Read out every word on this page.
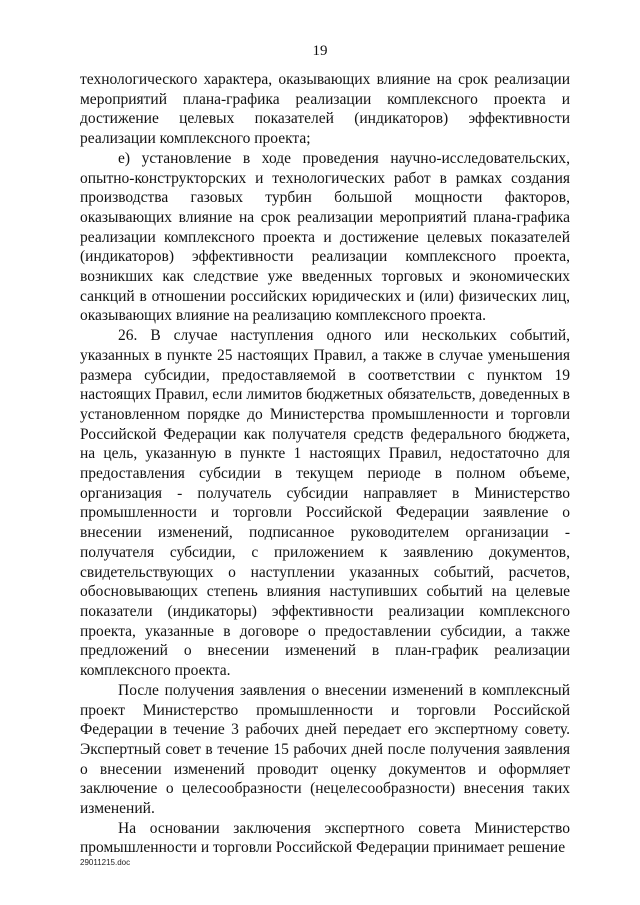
19

технологического характера, оказывающих влияние на срок реализации мероприятий плана-графика реализации комплексного проекта и достижение целевых показателей (индикаторов) эффективности реализации комплексного проекта;

е) установление в ходе проведения научно-исследовательских, опытно-конструкторских и технологических работ в рамках создания производства газовых турбин большой мощности факторов, оказывающих влияние на срок реализации мероприятий плана-графика реализации комплексного проекта и достижение целевых показателей (индикаторов) эффективности реализации комплексного проекта, возникших как следствие уже введенных торговых и экономических санкций в отношении российских юридических и (или) физических лиц, оказывающих влияние на реализацию комплексного проекта.

26. В случае наступления одного или нескольких событий, указанных в пункте 25 настоящих Правил, а также в случае уменьшения размера субсидии, предоставляемой в соответствии с пунктом 19 настоящих Правил, если лимитов бюджетных обязательств, доведенных в установленном порядке до Министерства промышленности и торговли Российской Федерации как получателя средств федерального бюджета, на цель, указанную в пункте 1 настоящих Правил, недостаточно для предоставления субсидии в текущем периоде в полном объеме, организация - получатель субсидии направляет в Министерство промышленности и торговли Российской Федерации заявление о внесении изменений, подписанное руководителем организации - получателя субсидии, с приложением к заявлению документов, свидетельствующих о наступлении указанных событий, расчетов, обосновывающих степень влияния наступивших событий на целевые показатели (индикаторы) эффективности реализации комплексного проекта, указанные в договоре о предоставлении субсидии, а также предложений о внесении изменений в план-график реализации комплексного проекта.

После получения заявления о внесении изменений в комплексный проект Министерство промышленности и торговли Российской Федерации в течение 3 рабочих дней передает его экспертному совету. Экспертный совет в течение 15 рабочих дней после получения заявления о внесении изменений проводит оценку документов и оформляет заключение о целесообразности (нецелесообразности) внесения таких изменений.

На основании заключения экспертного совета Министерство промышленности и торговли Российской Федерации принимает решение

29011215.doc
